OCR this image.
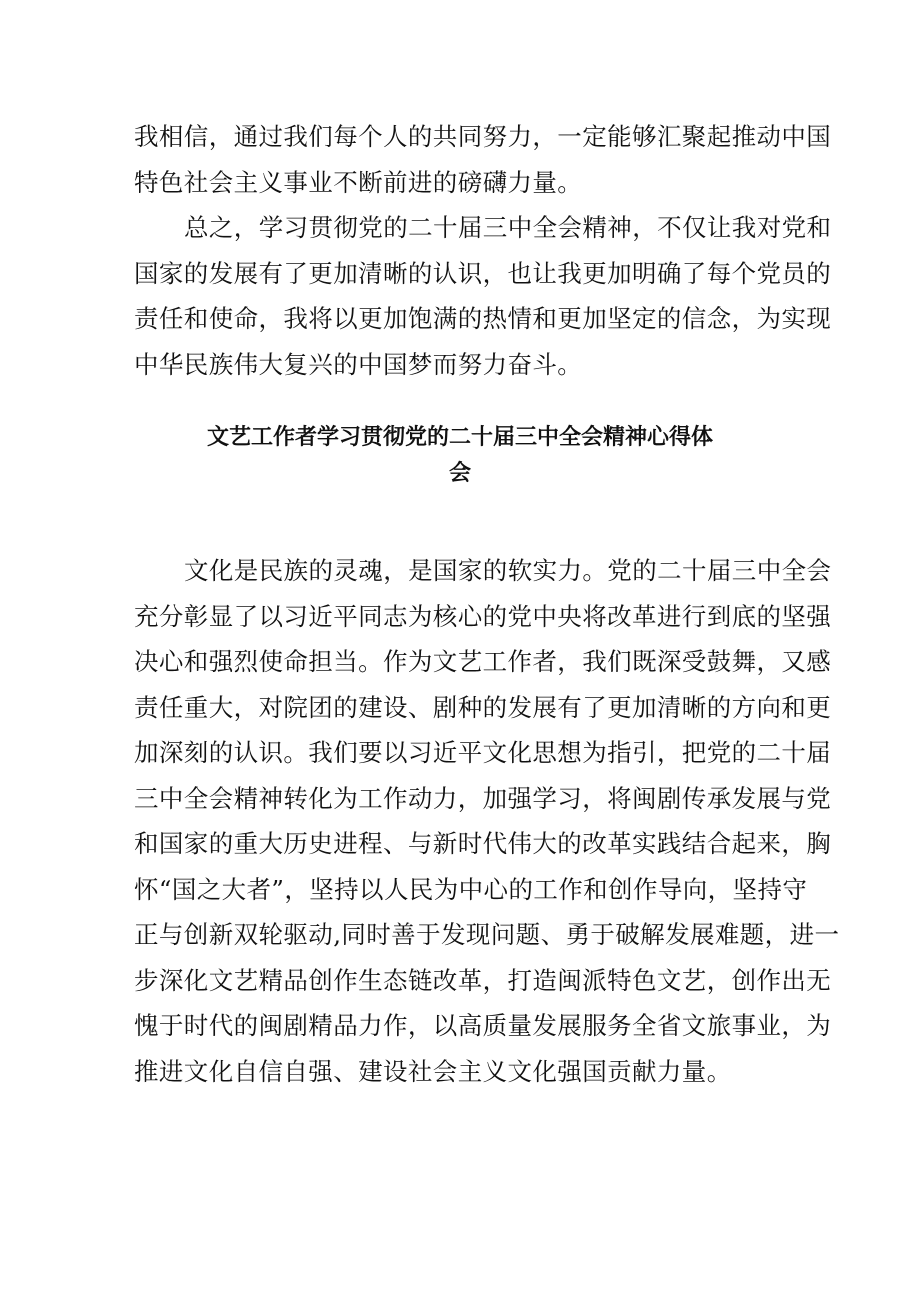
我相信，通过我们每个人的共同努力，一定能够汇聚起推动中国
特色社会主义事业不断前进的磅礴力量。
总之，学习贯彻党的二十届三中全会精神，不仅让我对党和
国家的发展有了更加清晰的认识，也让我更加明确了每个党员的
责任和使命，我将以更加饱满的热情和更加坚定的信念，为实现
中华民族伟大复兴的中国梦而努力奋斗。
文艺工作者学习贯彻党的二十届三中全会精神心得体
会
文化是民族的灵魂，是国家的软实力。党的二十届三中全会
充分彰显了以习近平同志为核心的党中央将改革进行到底的坚强
决心和强烈使命担当。作为文艺工作者，我们既深受鼓舞，又感
责任重大，对院团的建设、剧种的发展有了更加清晰的方向和更
加深刻的认识。我们要以习近平文化思想为指引，把党的二十届
三中全会精神转化为工作动力，加强学习，将闽剧传承发展与党
和国家的重大历史进程、与新时代伟大的改革实践结合起来，胸
怀“国之大者”，坚持以人民为中心的工作和创作导向，坚持守
正与创新双轮驱动,同时善于发现问题、勇于破解发展难题，进一
步深化文艺精品创作生态链改革，打造闽派特色文艺，创作出无
愧于时代的闽剧精品力作，以高质量发展服务全省文旅事业，为
推进文化自信自强、建设社会主义文化强国贡献力量。
